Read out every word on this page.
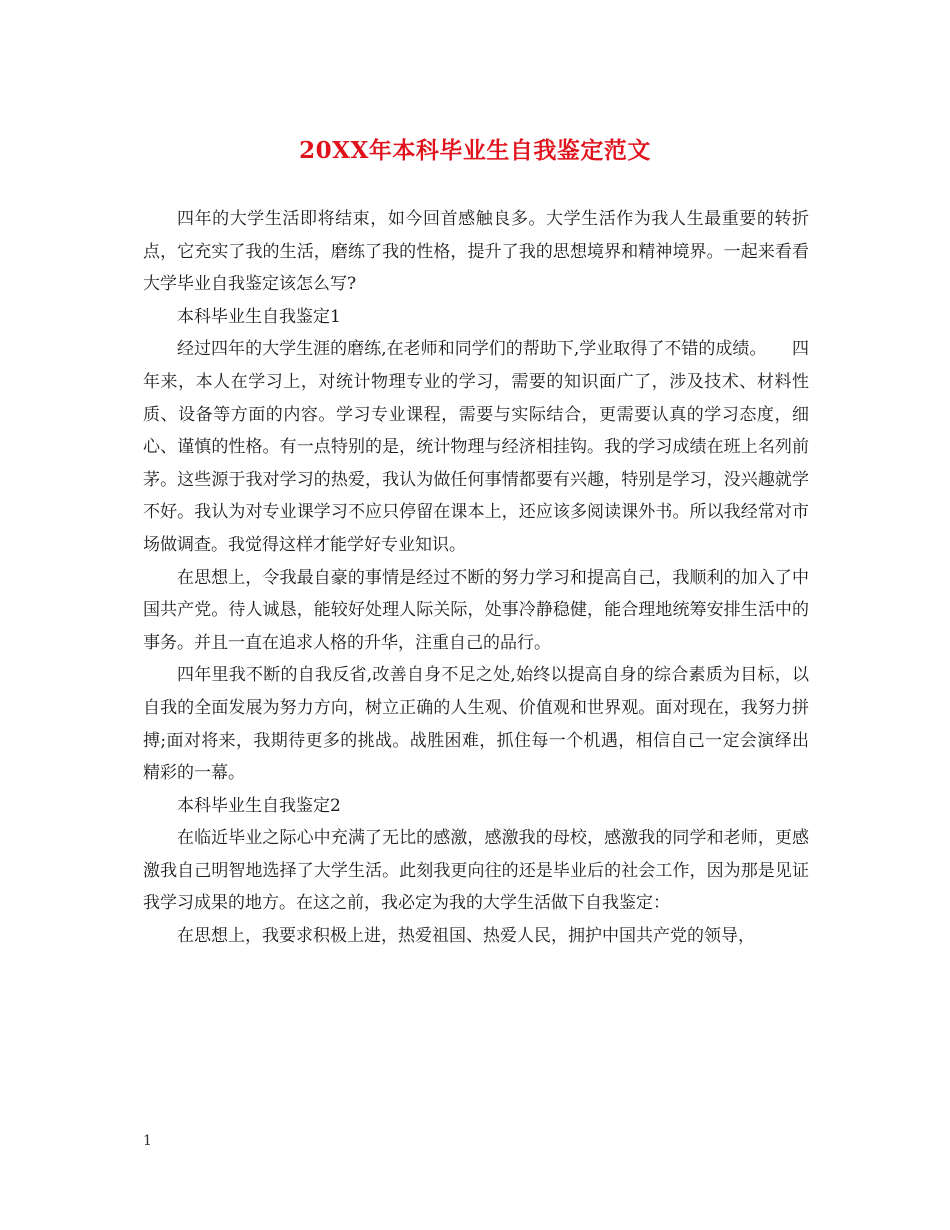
20XX年本科毕业生自我鉴定范文

四年的大学生活即将结束，如今回首感触良多。大学生活作为我人生最重要的转折点，它充实了我的生活，磨练了我的性格，提升了我的思想境界和精神境界。一起来看看大学毕业自我鉴定该怎么写?

本科毕业生自我鉴定1

经过四年的大学生涯的磨练,在老师和同学们的帮助下,学业取得了不错的成绩。　　四年来，本人在学习上，对统计物理专业的学习，需要的知识面广了，涉及技术、材料性质、设备等方面的内容。学习专业课程，需要与实际结合，更需要认真的学习态度，细心、谨慎的性格。有一点特别的是，统计物理与经济相挂钩。我的学习成绩在班上名列前茅。这些源于我对学习的热爱，我认为做任何事情都要有兴趣，特别是学习，没兴趣就学不好。我认为对专业课学习不应只停留在课本上，还应该多阅读课外书。所以我经常对市场做调查。我觉得这样才能学好专业知识。

在思想上，令我最自豪的事情是经过不断的努力学习和提高自己，我顺利的加入了中国共产党。待人诚恳，能较好处理人际关际，处事冷静稳健，能合理地统筹安排生活中的事务。并且一直在追求人格的升华，注重自己的品行。

四年里我不断的自我反省,改善自身不足之处,始终以提高自身的综合素质为目标，以自我的全面发展为努力方向，树立正确的人生观、价值观和世界观。面对现在，我努力拼搏;面对将来，我期待更多的挑战。战胜困难，抓住每一个机遇，相信自己一定会演绎出精彩的一幕。

本科毕业生自我鉴定2

在临近毕业之际心中充满了无比的感激，感激我的母校，感激我的同学和老师，更感激我自己明智地选择了大学生活。此刻我更向往的还是毕业后的社会工作，因为那是见证我学习成果的地方。在这之前，我必定为我的大学生活做下自我鉴定：

在思想上，我要求积极上进，热爱祖国、热爱人民，拥护中国共产党的领导，

1
